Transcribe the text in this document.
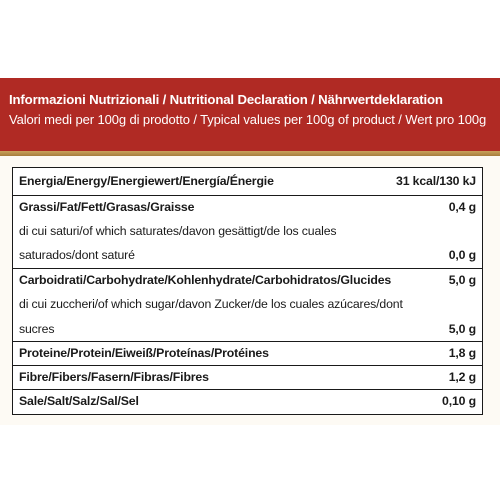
Informazioni Nutrizionali / Nutritional Declaration / Nährwertdeklaration

Valori medi per 100g di prodotto / Typical values per 100g of product / Wert pro 100g

Energia/Energy/Energiewert/Energía/Énergie	31 kcal/130 kJ
Grassi/Fat/Fett/Grasas/Graisse	0,4 g
di cui saturi/of which saturates/davon gesättigt/de los cuales
saturados/dont saturé	0,0 g
Carboidrati/Carbohydrate/Kohlenhydrate/Carbohidratos/Glucides	5,0 g
di cui zuccheri/of which sugar/davon Zucker/de los cuales azúcares/dont
sucres	5,0 g
Proteine/Protein/Eiweiß/Proteínas/Protéines	1,8 g
Fibre/Fibers/Fasern/Fibras/Fibres	1,2 g
Sale/Salt/Salz/Sal/Sel	0,10 g
